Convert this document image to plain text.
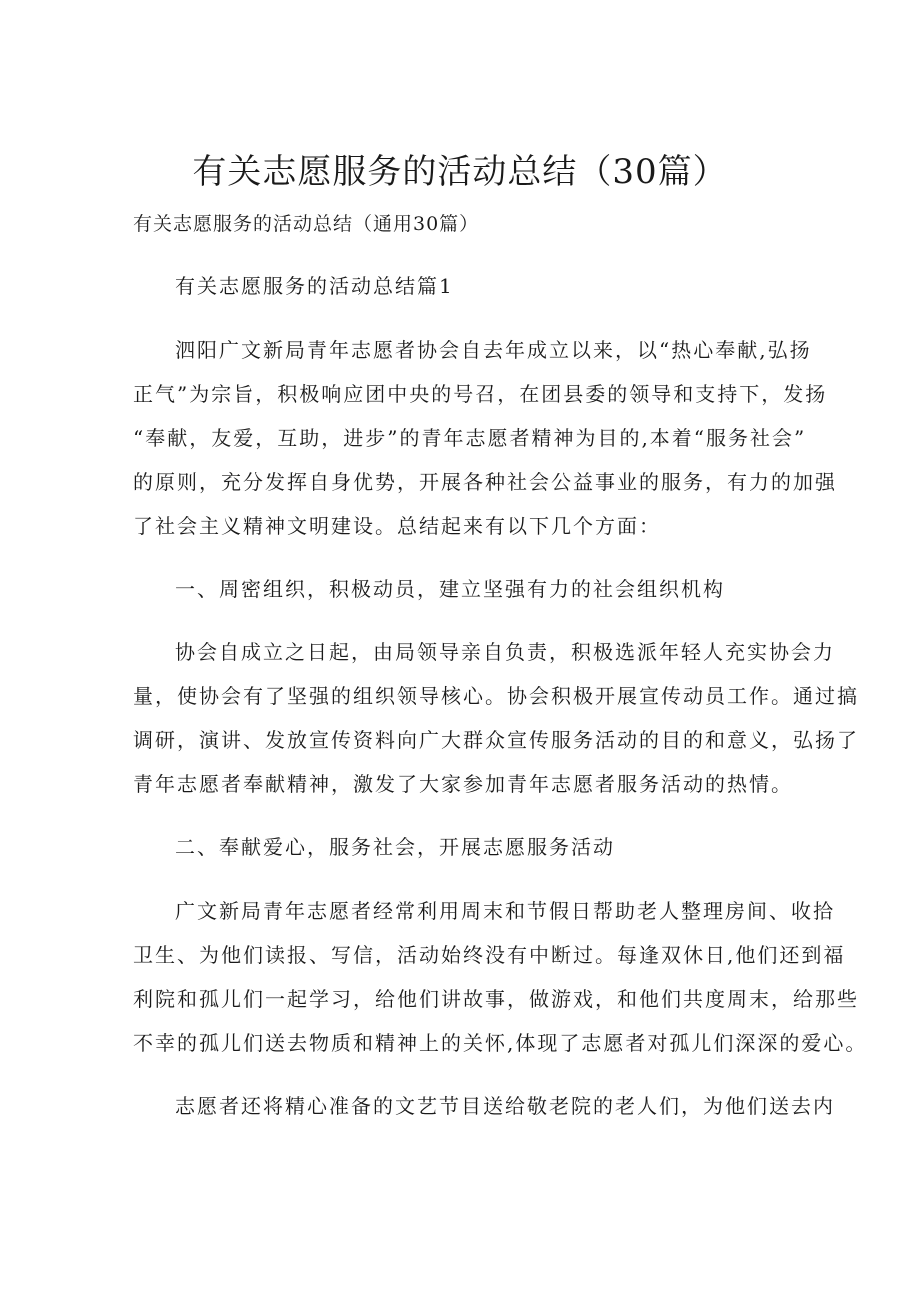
有关志愿服务的活动总结（30篇）
有关志愿服务的活动总结（通用30篇）
有关志愿服务的活动总结篇1
泗阳广文新局青年志愿者协会自去年成立以来，以“热心奉献,弘扬
正气”为宗旨，积极响应团中央的号召，在团县委的领导和支持下，发扬
“奉献，友爱，互助，进步”的青年志愿者精神为目的,本着“服务社会”
的原则，充分发挥自身优势，开展各种社会公益事业的服务，有力的加强
了社会主义精神文明建设。总结起来有以下几个方面：
一、周密组织，积极动员，建立坚强有力的社会组织机构
协会自成立之日起，由局领导亲自负责，积极选派年轻人充实协会力
量，使协会有了坚强的组织领导核心。协会积极开展宣传动员工作。通过搞
调研，演讲、发放宣传资料向广大群众宣传服务活动的目的和意义，弘扬了
青年志愿者奉献精神，激发了大家参加青年志愿者服务活动的热情。
二、奉献爱心，服务社会，开展志愿服务活动
广文新局青年志愿者经常利用周末和节假日帮助老人整理房间、收拾
卫生、为他们读报、写信，活动始终没有中断过。每逢双休日,他们还到福
利院和孤儿们一起学习，给他们讲故事，做游戏，和他们共度周末，给那些
不幸的孤儿们送去物质和精神上的关怀,体现了志愿者对孤儿们深深的爱心。
志愿者还将精心准备的文艺节目送给敬老院的老人们，为他们送去内
